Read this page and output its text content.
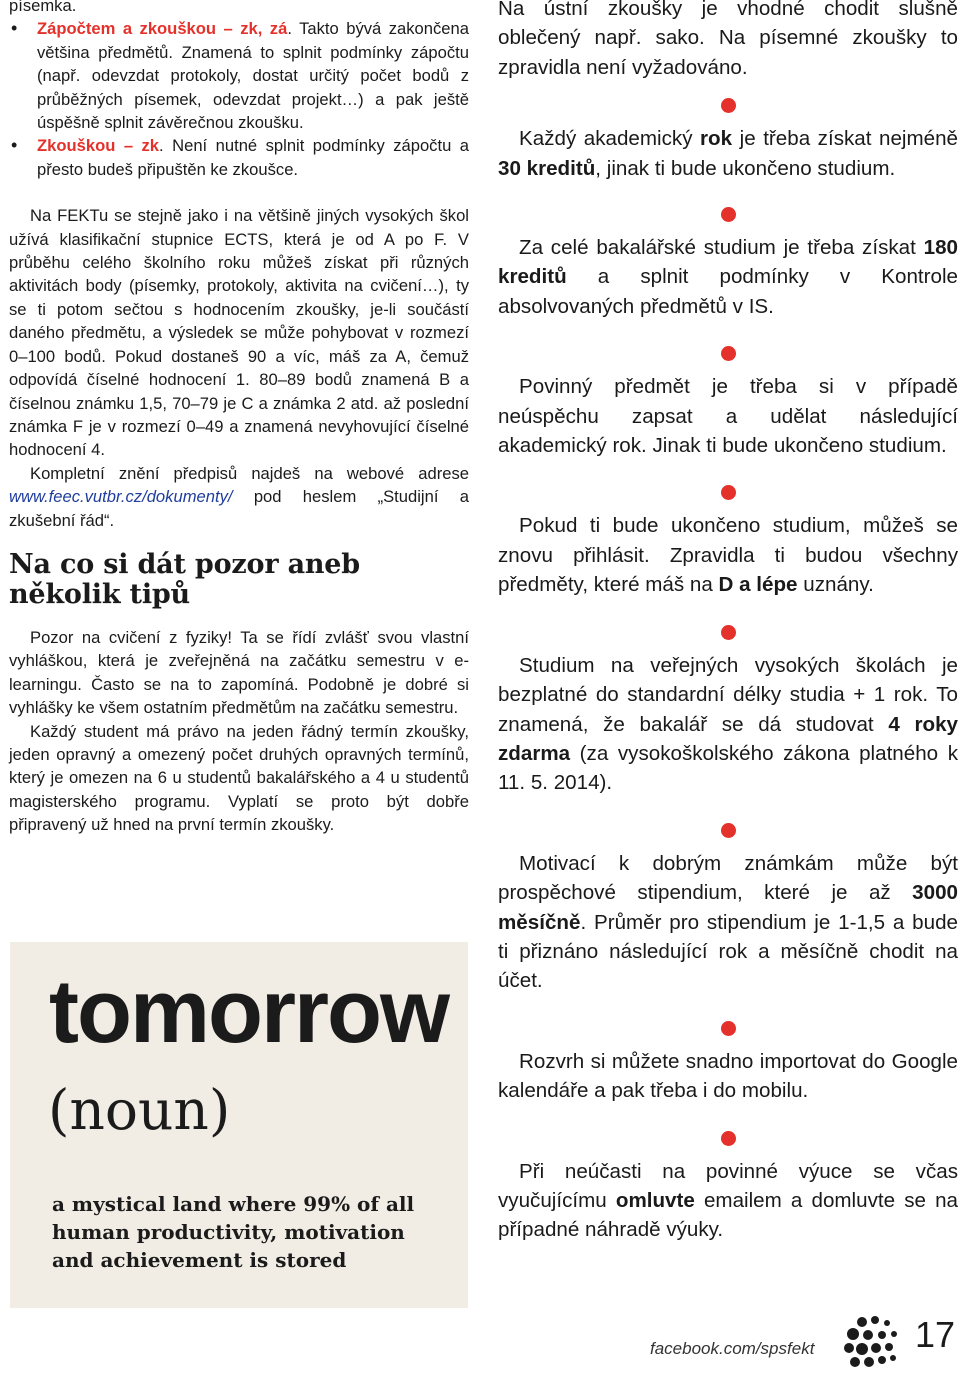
písemka.

• Zápočtem a zkouškou – zk, zá. Takto bývá zakončena většina předmětů. Znamená to splnit podmínky zápočtu (např. odevzdat protokoly, dostat určitý počet bodů z průběžných písemek, odevzdat projekt…) a pak ještě úspěšně splnit závěrečnou zkoušku.
• Zkouškou – zk. Není nutné splnit podmínky zápočtu a přesto budeš připuštěn ke zkoušce.

Na FEKTu se stejně jako i na většině jiných vysokých škol užívá klasifikační stupnice ECTS, která je od A po F. V průběhu celého školního roku můžeš získat při různých aktivitách body (písemky, protokoly, aktivita na cvičení…), ty se ti potom sečtou s hodnocením zkoušky, je-li součástí daného předmětu, a výsledek se může pohybovat v rozmezí 0–100 bodů. Pokud dostaneš 90 a víc, máš za A, čemuž odpovídá číselné hodnocení 1. 80–89 bodů znamená B a číselnou známku 1,5, 70–79 je C a známka 2 atd. až poslední známka F je v rozmezí 0–49 a znamená nevyhovující číselné hodnocení 4.

Kompletní znění předpisů najdeš na webové adrese www.feec.vutbr.cz/dokumenty/ pod heslem „Studijní a zkušební řád“.

Na co si dát pozor aneb několik tipů

Pozor na cvičení z fyziky! Ta se řídí zvlášť svou vlastní vyhláškou, která je zveřejněná na začátku semestru v e-learningu. Často se na to zapomíná. Podobně je dobré si vyhlášky ke všem ostatním předmětům na začátku semestru.

Každý student má právo na jeden řádný termín zkoušky, jeden opravný a omezený počet druhých opravných termínů, který je omezen na 6 u studentů bakalářského a 4 u studentů magisterského programu. Vyplatí se proto být dobře připravený už hned na první termín zkoušky.

tomorrow
(noun)
a mystical land where 99% of all human productivity, motivation and achievement is stored

Na ústní zkoušky je vhodné chodit slušně oblečený např. sako. Na písemné zkoušky to zpravidla není vyžadováno.

Každý akademický rok je třeba získat nejméně 30 kreditů, jinak ti bude ukončeno studium.

Za celé bakalářské studium je třeba získat 180 kreditů a splnit podmínky v Kontrole absolvovaných předmětů v IS.

Povinný předmět je třeba si v případě neúspěchu zapsat a udělat následující akademický rok. Jinak ti bude ukončeno studium.

Pokud ti bude ukončeno studium, můžeš se znovu přihlásit. Zpravidla ti budou všechny předměty, které máš na D a lépe uznány.

Studium na veřejných vysokých školách je bezplatné do standardní délky studia + 1 rok. To znamená, že bakalář se dá studovat 4 roky zdarma (za vysokoškolského zákona platného k 11. 5. 2014).

Motivací k dobrým známkám může být prospěchové stipendium, které je až 3000 měsíčně. Průměr pro stipendium je 1-1,5 a bude ti přiznáno následující rok a měsíčně chodit na účet.

Rozvrh si můžete snadno importovat do Google kalendáře a pak třeba i do mobilu.

Při neúčasti na povinné výuce se včas vyučujícímu omluvte emailem a domluvte se na případné náhradě výuky.

facebook.com/spsfekt	17
